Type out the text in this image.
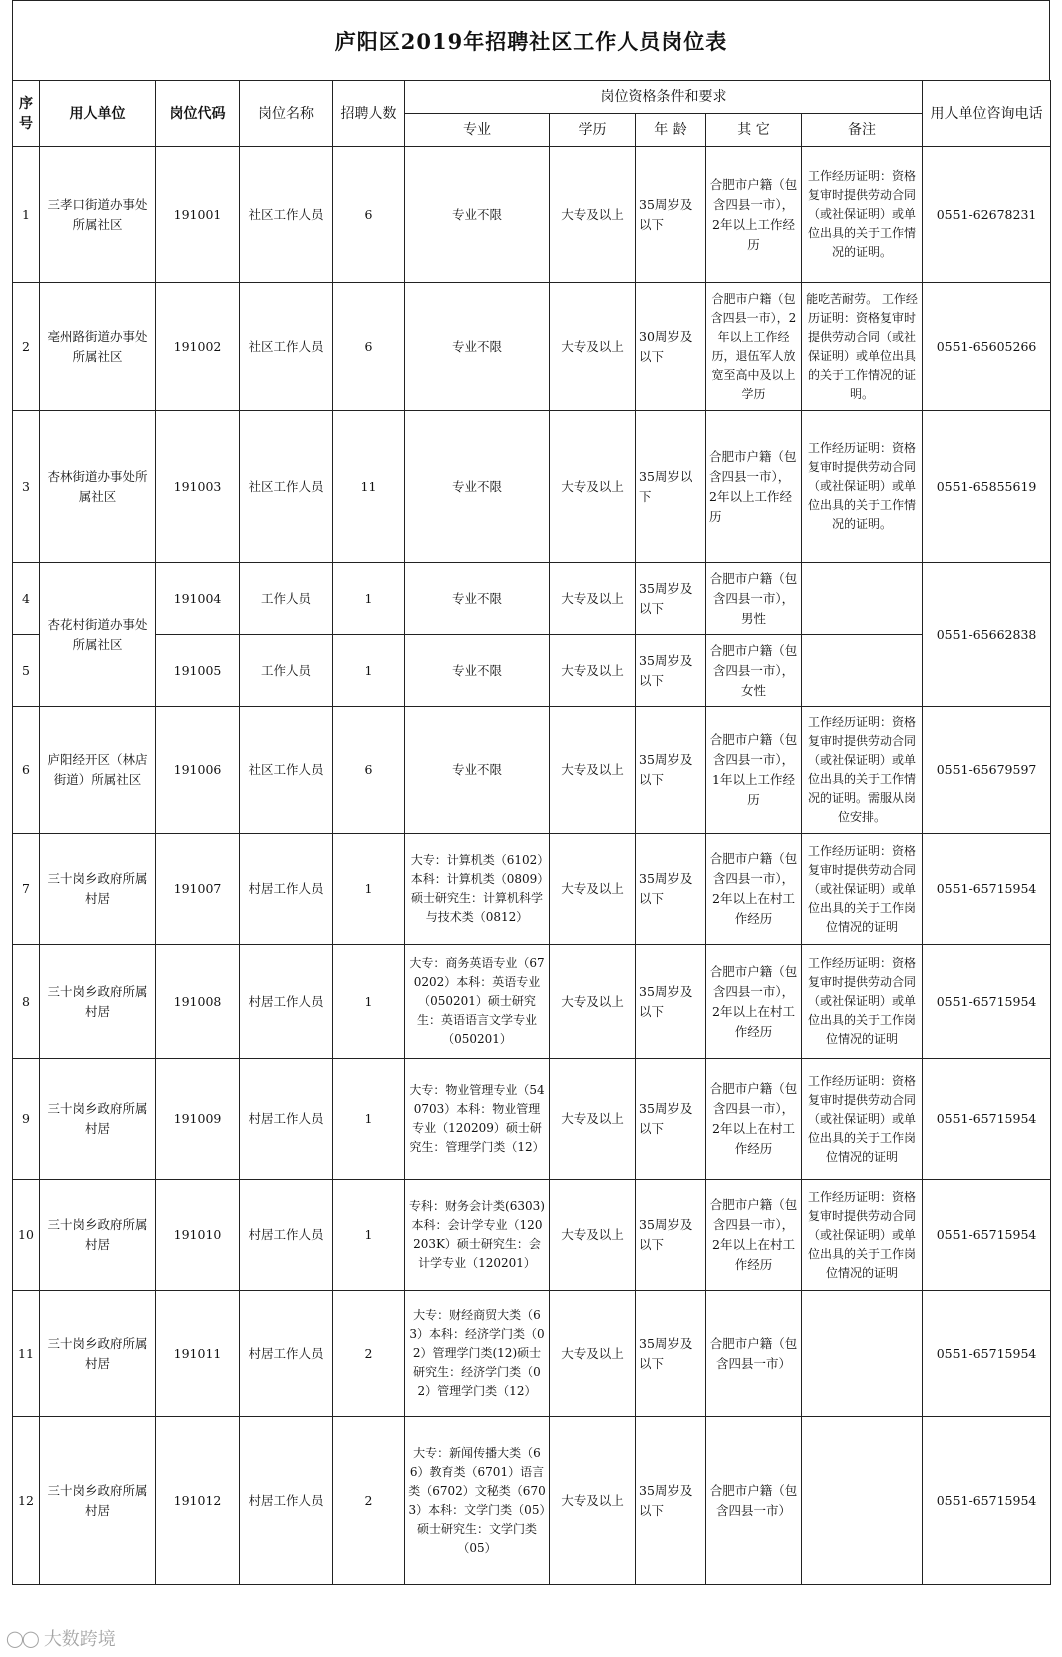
庐阳区2019年招聘社区工作人员岗位表
序号	用人单位	岗位代码	岗位名称	招聘人数	岗位资格条件和要求					用人单位咨询电话
					专业	学历	年 龄	其 它	备注	
1	三孝口街道办事处所属社区	191001	社区工作人员	6	专业不限	大专及以上	35周岁及以下	合肥市户籍（包含四县一市），2年以上工作经历	工作经历证明：资格复审时提供劳动合同（或社保证明）或单位出具的关于工作情况的证明。	0551-62678231
2	亳州路街道办事处所属社区	191002	社区工作人员	6	专业不限	大专及以上	30周岁及以下	合肥市户籍（包含四县一市），2年以上工作经历，退伍军人放宽至高中及以上学历	能吃苦耐劳。 工作经历证明：资格复审时提供劳动合同（或社保证明）或单位出具的关于工作情况的证明。	0551-65605266
3	杏林街道办事处所属社区	191003	社区工作人员	11	专业不限	大专及以上	35周岁以下	合肥市户籍（包含四县一市），2年以上工作经历	工作经历证明：资格复审时提供劳动合同（或社保证明）或单位出具的关于工作情况的证明。	0551-65855619
4	杏花村街道办事处所属社区	191004	工作人员	1	专业不限	大专及以上	35周岁及以下	合肥市户籍（包含四县一市），男性		0551-65662838
5		191005	工作人员	1	专业不限	大专及以上	35周岁及以下	合肥市户籍（包含四县一市），女性		
6	庐阳经开区（林店街道）所属社区	191006	社区工作人员	6	专业不限	大专及以上	35周岁及以下	合肥市户籍（包含四县一市），1年以上工作经历	工作经历证明：资格复审时提供劳动合同（或社保证明）或单位出具的关于工作情况的证明。需服从岗位安排。	0551-65679597
7	三十岗乡政府所属村居	191007	村居工作人员	1	大专：计算机类（6102）本科：计算机类（0809）硕士研究生：计算机科学与技术类（0812）	大专及以上	35周岁及以下	合肥市户籍（包含四县一市），2年以上在村工作经历	工作经历证明：资格复审时提供劳动合同（或社保证明）或单位出具的关于工作岗位情况的证明	0551-65715954
8	三十岗乡政府所属村居	191008	村居工作人员	1	大专：商务英语专业（670202）本科：英语专业（050201）硕士研究生：英语语言文学专业（050201）	大专及以上	35周岁及以下	合肥市户籍（包含四县一市），2年以上在村工作经历	工作经历证明：资格复审时提供劳动合同（或社保证明）或单位出具的关于工作岗位情况的证明	0551-65715954
9	三十岗乡政府所属村居	191009	村居工作人员	1	大专：物业管理专业（540703）本科：物业管理专业（120209）硕士研究生：管理学门类（12）	大专及以上	35周岁及以下	合肥市户籍（包含四县一市），2年以上在村工作经历	工作经历证明：资格复审时提供劳动合同（或社保证明）或单位出具的关于工作岗位情况的证明	0551-65715954
10	三十岗乡政府所属村居	191010	村居工作人员	1	专科：财务会计类(6303)本科：会计学专业（120203K）硕士研究生：会计学专业（120201）	大专及以上	35周岁及以下	合肥市户籍（包含四县一市），2年以上在村工作经历	工作经历证明：资格复审时提供劳动合同（或社保证明）或单位出具的关于工作岗位情况的证明	0551-65715954
11	三十岗乡政府所属村居	191011	村居工作人员	2	大专：财经商贸大类（63）本科：经济学门类（02）管理学门类(12)硕士研究生：经济学门类（02）管理学门类（12）	大专及以上	35周岁及以下	合肥市户籍（包含四县一市）		0551-65715954
12	三十岗乡政府所属村居	191012	村居工作人员	2	大专：新闻传播大类（66）教育类（6701）语言类（6702）文秘类（6703）本科：文学门类（05）硕士研究生：文学门类（05）	大专及以上	35周岁及以下	合肥市户籍（包含四县一市）		0551-65715954
◯◯ 大数跨境
